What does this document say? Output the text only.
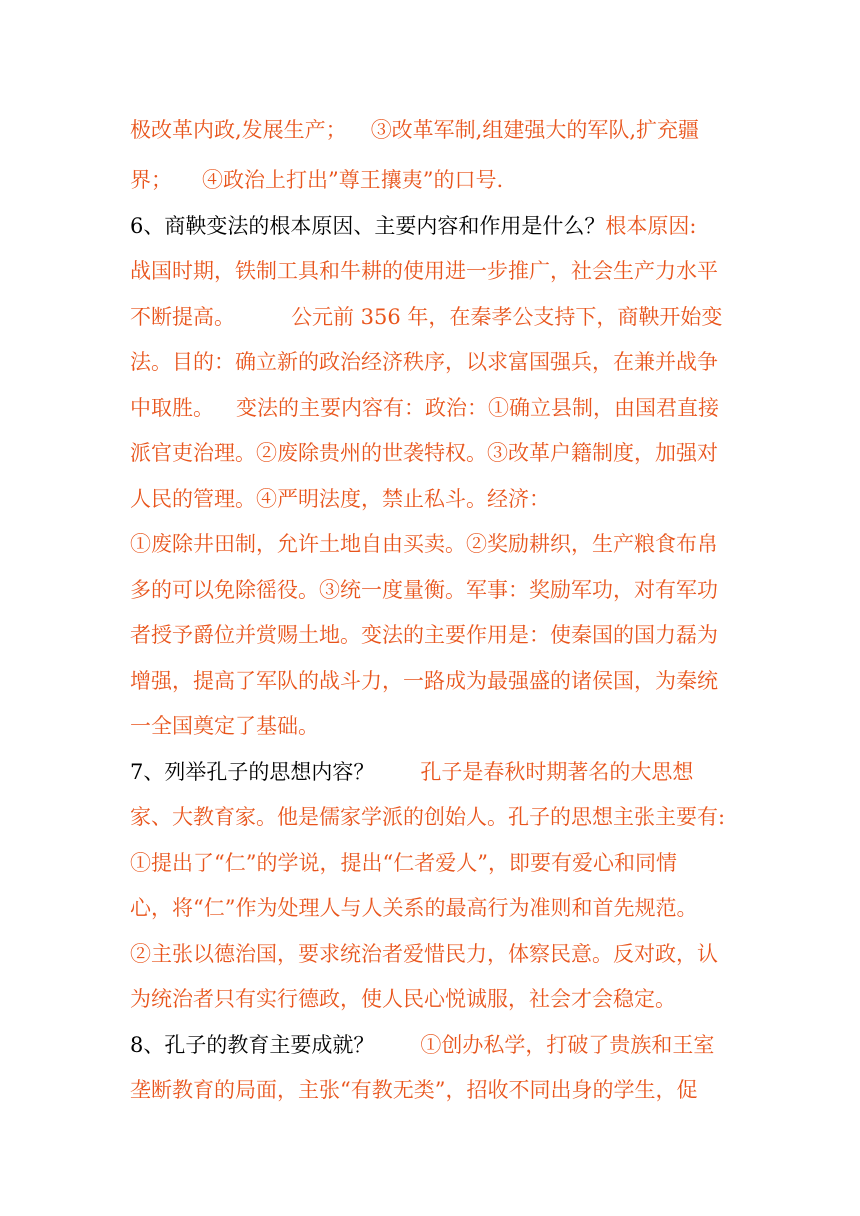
极改革内政,发展生产； ③改革军制,组建强大的军队,扩充疆
界； ④政治上打出”尊王攘夷”的口号.
6、商鞅变法的根本原因、主要内容和作用是什么？根本原因:
战国时期，铁制工具和牛耕的使用进一步推广，社会生产力水平
不断提高。	公元前 356 年，在秦孝公支持下，商鞅开始变
法。目的：确立新的政治经济秩序，以求富国强兵，在兼并战争
中取胜。 变法的主要内容有：政治：①确立县制，由国君直接
派官吏治理。②废除贵州的世袭特权。③改革户籍制度，加强对
人民的管理。④严明法度，禁止私斗。经济：
①废除井田制，允许土地自由买卖。②奖励耕织，生产粮食布帛
多的可以免除徭役。③统一度量衡。军事：奖励军功，对有军功
者授予爵位并赏赐土地。变法的主要作用是：使秦国的国力磊为
增强，提高了军队的战斗力，一路成为最强盛的诸侯国，为秦统
一全国奠定了基础。
7、列举孔子的思想内容？ 孔子是春秋时期著名的大思想
家、大教育家。他是儒家学派的创始人。孔子的思想主张主要有:
①提出了“仁”的学说，提出“仁者爱人”，即要有爱心和同情
心，将“仁”作为处理人与人关系的最高行为准则和首先规范。
②主张以德治国，要求统治者爱惜民力，体察民意。反对政，认
为统治者只有实行德政，使人民心悦诚服，社会才会稳定。
8、孔子的教育主要成就？ ①创办私学，打破了贵族和王室
垄断教育的局面，主张“有教无类”，招收不同出身的学生，促
